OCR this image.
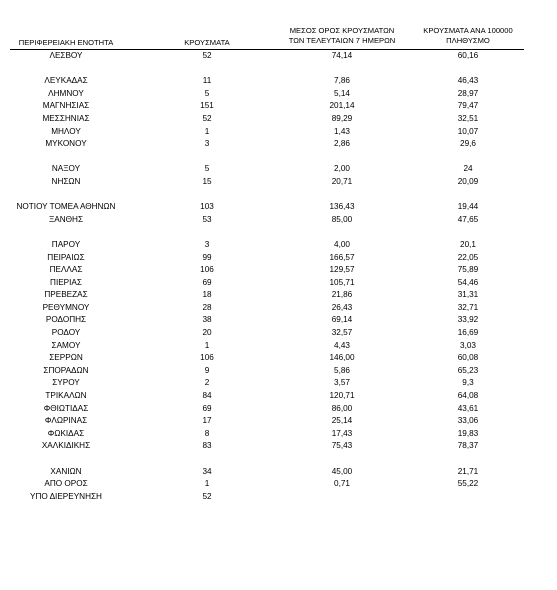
ΠΕΡΙΦΕΡΕΙΑΚΗ ΕΝΟΤΗΤΑ	ΚΡΟΥΣΜΑΤΑ
ΜΕΣΟΣ ΟΡΟΣ ΚΡΟΥΣΜΑΤΩΝ
ΤΩΝ ΤΕΛΕΥΤΑΙΩΝ 7 ΗΜΕΡΩΝ
ΚΡΟΥΣΜΑΤΑ ΑΝΑ 100000
ΠΛΗΘΥΣΜΟ
ΛΕΣΒΟΥ	52	74,14	60,16
ΛΕΥΚΑΔΑΣ	11	7,86	46,43
ΛΗΜΝΟΥ	5	5,14	28,97
ΜΑΓΝΗΣΙΑΣ	151	201,14	79,47
ΜΕΣΣΗΝΙΑΣ	52	89,29	32,51
ΜΗΛΟΥ	1	1,43	10,07
ΜΥΚΟΝΟΥ	3	2,86	29,6
ΝΑΞΟΥ	5	2,00	24
ΝΗΣΩΝ	15	20,71	20,09
ΝΟΤΙΟΥ ΤΟΜΕΑ ΑΘΗΝΩΝ	103	136,43	19,44
ΞΑΝΘΗΣ	53	85,00	47,65
ΠΑΡΟΥ	3	4,00	20,1
ΠΕΙΡΑΙΩΣ	99	166,57	22,05
ΠΕΛΛΑΣ	106	129,57	75,89
ΠΙΕΡΙΑΣ	69	105,71	54,46
ΠΡΕΒΕΖΑΣ	18	21,86	31,31
ΡΕΘΥΜΝΟΥ	28	26,43	32,71
ΡΟΔΟΠΗΣ	38	69,14	33,92
ΡΟΔΟΥ	20	32,57	16,69
ΣΑΜΟΥ	1	4,43	3,03
ΣΕΡΡΩΝ	106	146,00	60,08
ΣΠΟΡΑΔΩΝ	9	5,86	65,23
ΣΥΡΟΥ	2	3,57	9,3
ΤΡΙΚΑΛΩΝ	84	120,71	64,08
ΦΘΙΩΤΙΔΑΣ	69	86,00	43,61
ΦΛΩΡΙΝΑΣ	17	25,14	33,06
ΦΩΚΙΔΑΣ	8	17,43	19,83
ΧΑΛΚΙΔΙΚΗΣ	83	75,43	78,37
ΧΑΝΙΩΝ	34	45,00	21,71
ΑΠΟ ΟΡΟΣ	1	0,71	55,22
ΥΠΟ ΔΙΕΡΕΥΝΗΣΗ	52
